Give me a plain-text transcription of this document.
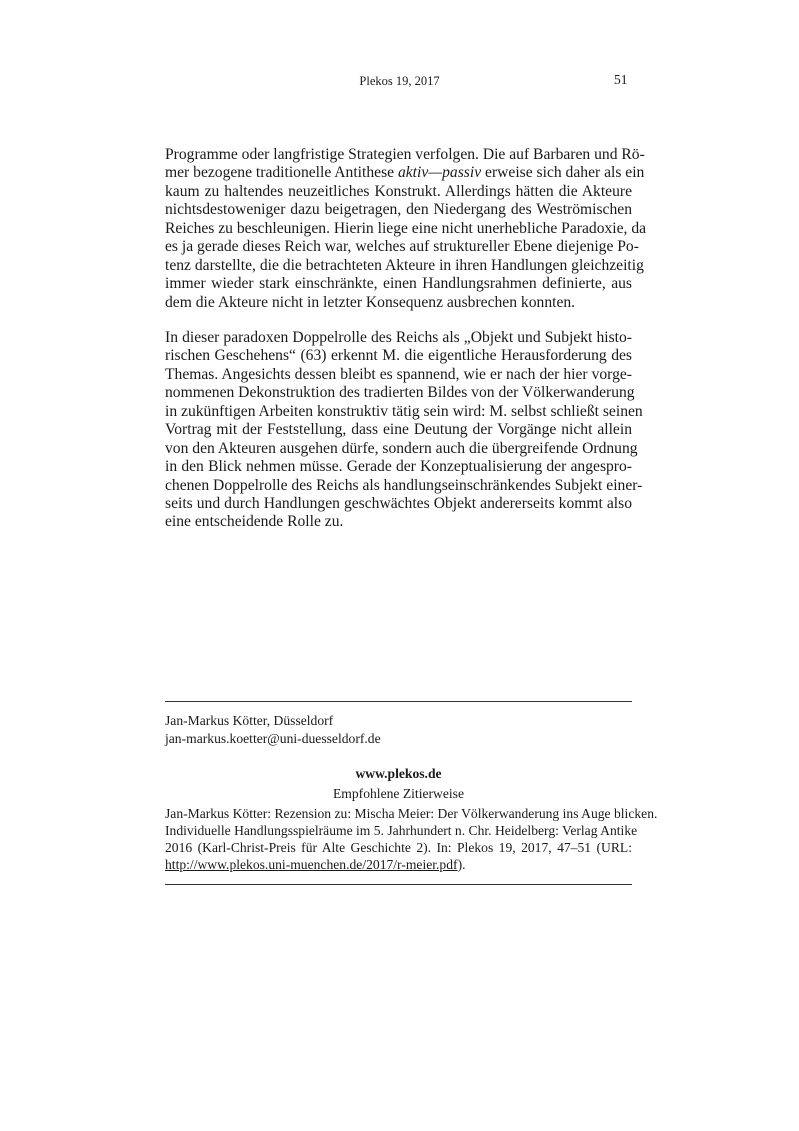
Plekos 19, 2017	51
Programme oder langfristige Strategien verfolgen. Die auf Barbaren und Rö-
mer bezogene traditionelle Antithese aktiv—passiv erweise sich daher als ein
kaum zu haltendes neuzeitliches Konstrukt. Allerdings hätten die Akteure
nichtsdestoweniger dazu beigetragen, den Niedergang des Weströmischen
Reiches zu beschleunigen. Hierin liege eine nicht unerhebliche Paradoxie, da
es ja gerade dieses Reich war, welches auf struktureller Ebene diejenige Po-
tenz darstellte, die die betrachteten Akteure in ihren Handlungen gleichzeitig
immer wieder stark einschränkte, einen Handlungsrahmen definierte, aus
dem die Akteure nicht in letzter Konsequenz ausbrechen konnten.
In dieser paradoxen Doppelrolle des Reichs als „Objekt und Subjekt histo-
rischen Geschehens“ (63) erkennt M. die eigentliche Herausforderung des
Themas. Angesichts dessen bleibt es spannend, wie er nach der hier vorge-
nommenen Dekonstruktion des tradierten Bildes von der Völkerwanderung
in zukünftigen Arbeiten konstruktiv tätig sein wird: M. selbst schließt seinen
Vortrag mit der Feststellung, dass eine Deutung der Vorgänge nicht allein
von den Akteuren ausgehen dürfe, sondern auch die übergreifende Ordnung
in den Blick nehmen müsse. Gerade der Konzeptualisierung der angespro-
chenen Doppelrolle des Reichs als handlungseinschränkendes Subjekt einer-
seits und durch Handlungen geschwächtes Objekt andererseits kommt also
eine entscheidende Rolle zu.
Jan-Markus Kötter, Düsseldorf
jan-markus.koetter@uni-duesseldorf.de
www.plekos.de
Empfohlene Zitierweise
Jan-Markus Kötter: Rezension zu: Mischa Meier: Der Völkerwanderung ins Auge blicken.
Individuelle Handlungsspielräume im 5. Jahrhundert n. Chr. Heidelberg: Verlag Antike
2016 (Karl-Christ-Preis für Alte Geschichte 2). In: Plekos 19, 2017, 47–51 (URL:
http://www.plekos.uni-muenchen.de/2017/r-meier.pdf).
